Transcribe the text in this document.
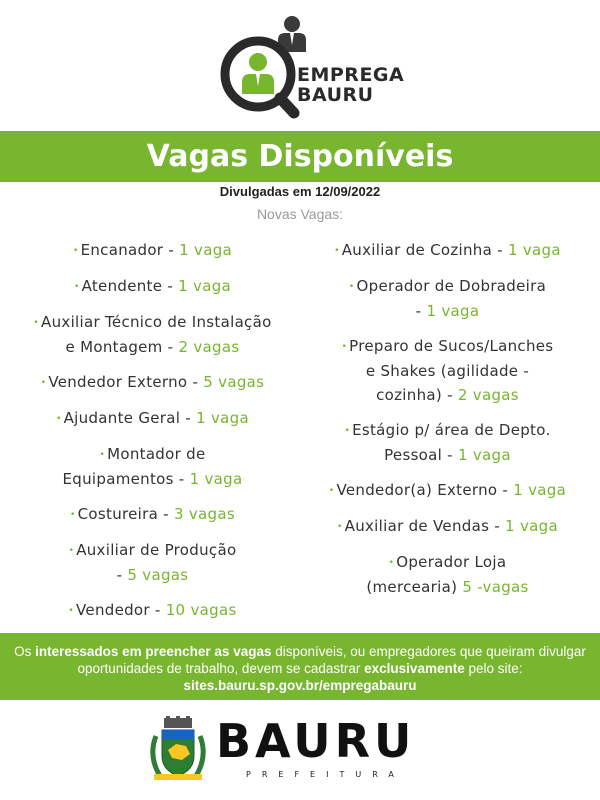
EMPREGA
BAURU
Vagas Disponíveis
Divulgadas em 12/09/2022
Novas Vagas:
• Encanador - 1 vaga
• Atendente - 1 vaga
• Auxiliar Técnico de Instalação
e Montagem - 2 vagas
• Vendedor Externo - 5 vagas
• Ajudante Geral - 1 vaga
• Montador de
Equipamentos - 1 vaga
• Costureira - 3 vagas
• Auxiliar de Produção
- 5 vagas
• Vendedor - 10 vagas
• Auxiliar de Cozinha - 1 vaga
• Operador de Dobradeira
- 1 vaga
• Preparo de Sucos/Lanches
e Shakes (agilidade -
cozinha) - 2 vagas
• Estágio p/ área de Depto.
Pessoal - 1 vaga
• Vendedor(a) Externo - 1 vaga
• Auxiliar de Vendas - 1 vaga
• Operador Loja
(mercearia) 5 -vagas
Os interessados em preencher as vagas disponíveis, ou empregadores que queiram divulgar oportunidades de trabalho, devem se cadastrar exclusivamente pelo site:
sites.bauru.sp.gov.br/empregabauru
BAURU
PREFEITURA
